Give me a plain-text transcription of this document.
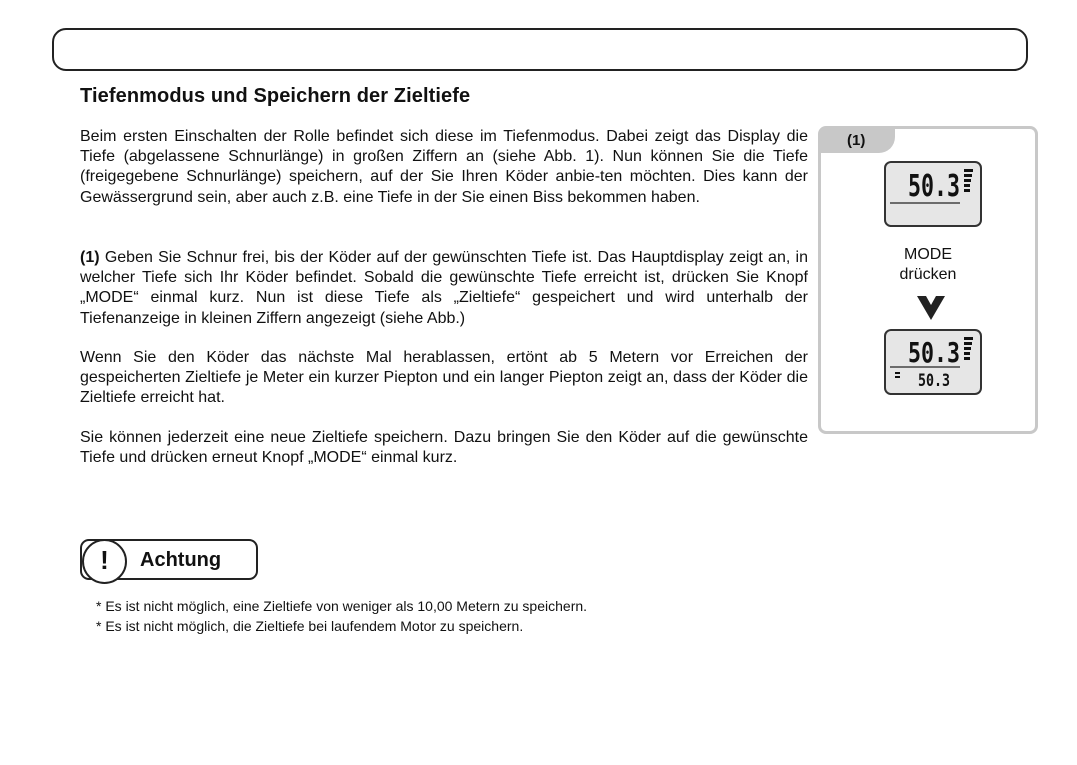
Tiefenmodus und Speichern der Zieltiefe

Beim ersten Einschalten der Rolle befindet sich diese im Tiefenmodus. Dabei zeigt das Display die Tiefe (abgelassene Schnurlänge) in großen Ziffern an (siehe Abb. 1). Nun können Sie die Tiefe (freigegebene Schnurlänge) speichern, auf der Sie Ihren Köder anbie-ten möchten. Dies kann der Gewässergrund sein, aber auch z.B. eine Tiefe in der Sie einen Biss bekommen haben.

(1) Geben Sie Schnur frei, bis der Köder auf der gewünschten Tiefe ist. Das Hauptdisplay zeigt an, in welcher Tiefe sich Ihr Köder befindet. Sobald die gewünschte Tiefe erreicht ist, drücken Sie Knopf „MODE“ einmal kurz. Nun ist diese Tiefe als „Zieltiefe“ gespeichert und wird unterhalb der Tiefenanzeige in kleinen Ziffern angezeigt (siehe Abb.)

Wenn Sie den Köder das nächste Mal herablassen, ertönt ab 5 Metern vor Erreichen der gespeicherten Zieltiefe je Meter ein kurzer Piepton und ein langer Piepton zeigt an, dass der Köder die Zieltiefe erreicht hat.

Sie können jederzeit eine neue Zieltiefe speichern. Dazu bringen Sie den Köder auf die gewünschte Tiefe und drücken erneut Knopf „MODE“ einmal kurz.

(1)
50.3
MODE
drücken
50.3
50.3
!	Achtung

* Es ist nicht möglich, eine Zieltiefe von weniger als 10,00 Metern zu speichern.

* Es ist nicht möglich, die Zieltiefe bei laufendem Motor zu speichern.
